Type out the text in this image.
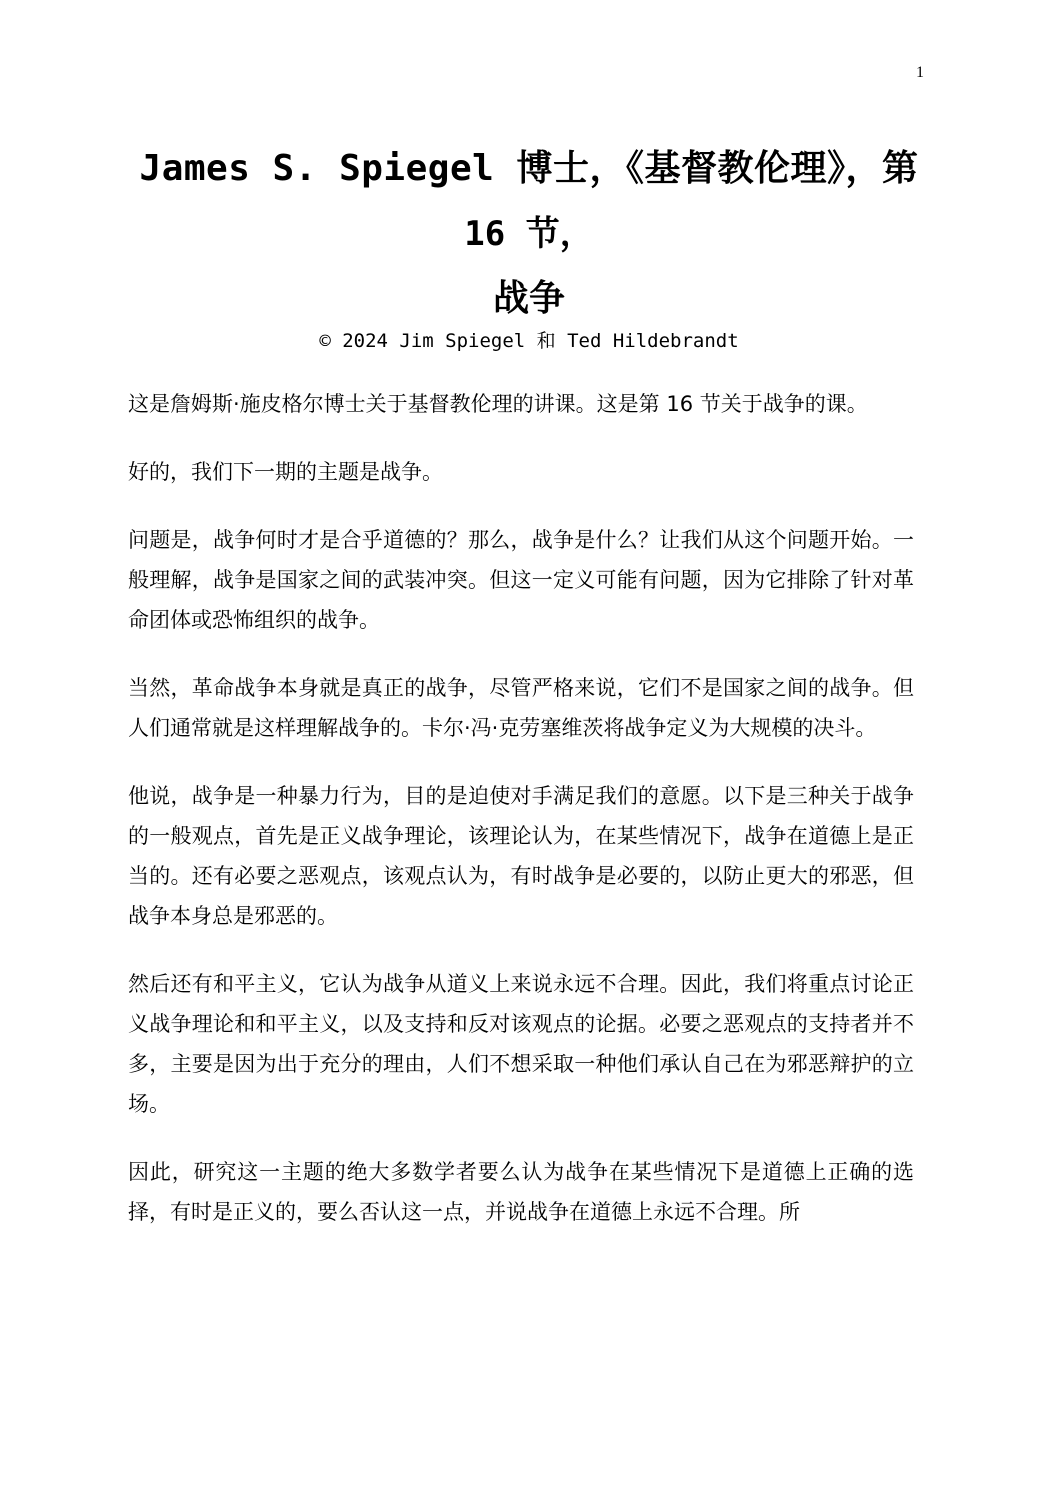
1
James S. Spiegel 博士，《基督教伦理》，第
16 节，
战争
© 2024 Jim Spiegel 和 Ted Hildebrandt

这是詹姆斯·施皮格尔博士关于基督教伦理的讲课。这是第 16 节关于战争的课。

好的，我们下一期的主题是战争。

问题是，战争何时才是合乎道德的？那么，战争是什么？让我们从这个问题开始。一般理解，战争是国家之间的武装冲突。但这一定义可能有问题，因为它排除了针对革命团体或恐怖组织的战争。

当然，革命战争本身就是真正的战争，尽管严格来说，它们不是国家之间的战争。但人们通常就是这样理解战争的。卡尔·冯·克劳塞维茨将战争定义为大规模的决斗。

他说，战争是一种暴力行为，目的是迫使对手满足我们的意愿。以下是三种关于战争的一般观点，首先是正义战争理论，该理论认为，在某些情况下，战争在道德上是正当的。还有必要之恶观点，该观点认为，有时战争是必要的，以防止更大的邪恶，但战争本身总是邪恶的。

然后还有和平主义，它认为战争从道义上来说永远不合理。因此，我们将重点讨论正义战争理论和和平主义，以及支持和反对该观点的论据。必要之恶观点的支持者并不多，主要是因为出于充分的理由，人们不想采取一种他们承认自己在为邪恶辩护的立场。

因此，研究这一主题的绝大多数学者要么认为战争在某些情况下是道德上正确的选择，有时是正义的，要么否认这一点，并说战争在道德上永远不合理。所
